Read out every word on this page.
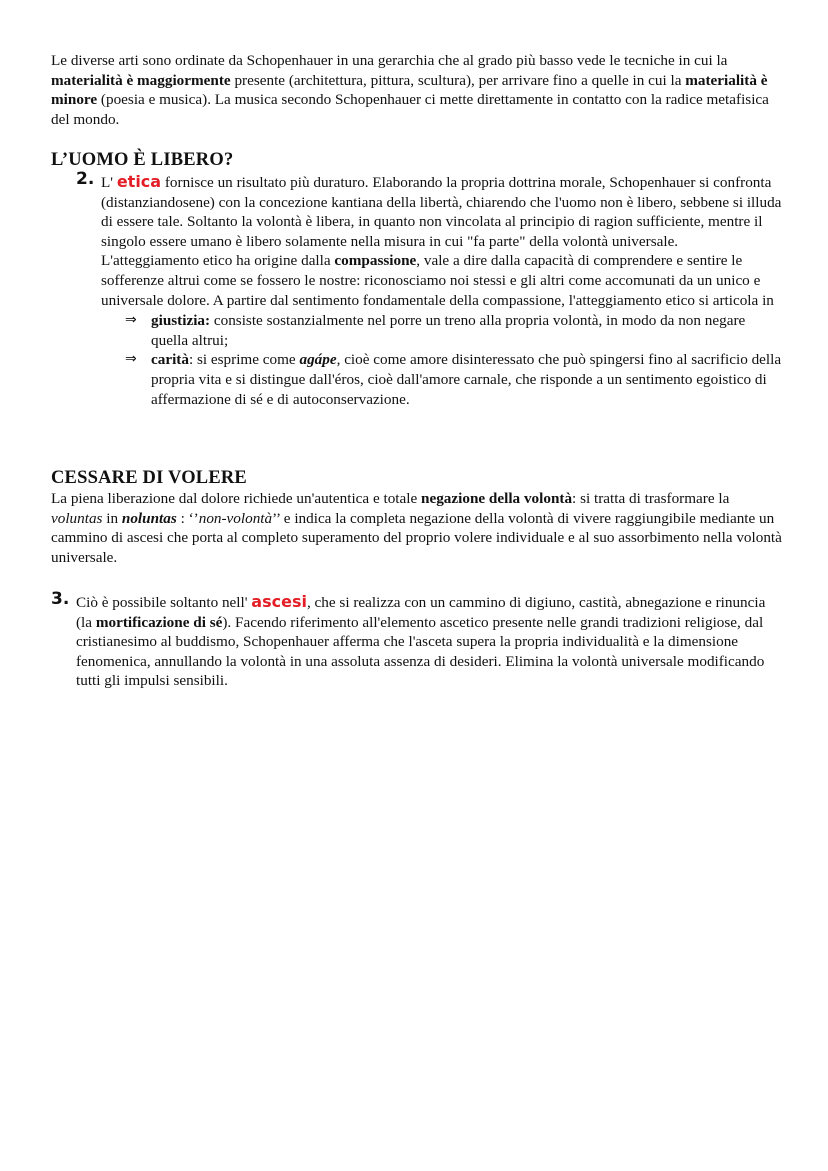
Le diverse arti sono ordinate da Schopenhauer in una gerarchia che al grado più basso vede le tecniche in cui la materialità è maggiormente presente (architettura, pittura, scultura), per arrivare fino a quelle in cui la materialità è minore (poesia e musica). La musica secondo Schopenhauer ci mette direttamente in contatto con la radice metafisica del mondo.

L’UOMO È LIBERO?
2. L' etica fornisce un risultato più duraturo. Elaborando la propria dottrina morale, Schopenhauer si confronta (distanziandosene) con la concezione kantiana della libertà, chiarendo che l'uomo non è libero, sebbene si illuda di essere tale. Soltanto la volontà è libera, in quanto non vincolata al principio di ragion sufficiente, mentre il singolo essere umano è libero solamente nella misura in cui "fa parte" della volontà universale.

L'atteggiamento etico ha origine dalla compassione, vale a dire dalla capacità di comprendere e sentire le sofferenze altrui come se fossero le nostre: riconosciamo noi stessi e gli altri come accomunati da un unico e universale dolore. A partire dal sentimento fondamentale della compassione, l'atteggiamento etico si articola in

⇒ giustizia: consiste sostanzialmente nel porre un treno alla propria volontà, in modo da non negare quella altrui;

⇒ carità: si esprime come agápe, cioè come amore disinteressato che può spingersi fino al sacrificio della propria vita e si distingue dall'éros, cioè dall'amore carnale, che risponde a un sentimento egoistico di affermazione di sé e di autoconservazione.

CESSARE DI VOLERE

La piena liberazione dal dolore richiede un'autentica e totale negazione della volontà: si tratta di trasformare la voluntas in noluntas : ‘’non-volontà’’ e indica la completa negazione della volontà di vivere raggiungibile mediante un cammino di ascesi che porta al completo superamento del proprio volere individuale e al suo assorbimento nella volontà universale.

3. Ciò è possibile soltanto nell' ascesi, che si realizza con un cammino di digiuno, castità, abnegazione e rinuncia (la mortificazione di sé). Facendo riferimento all'elemento ascetico presente nelle grandi tradizioni religiose, dal cristianesimo al buddismo, Schopenhauer afferma che l'asceta supera la propria individualità e la dimensione fenomenica, annullando la volontà in una assoluta assenza di desideri. Elimina la volontà universale modificando tutti gli impulsi sensibili.
